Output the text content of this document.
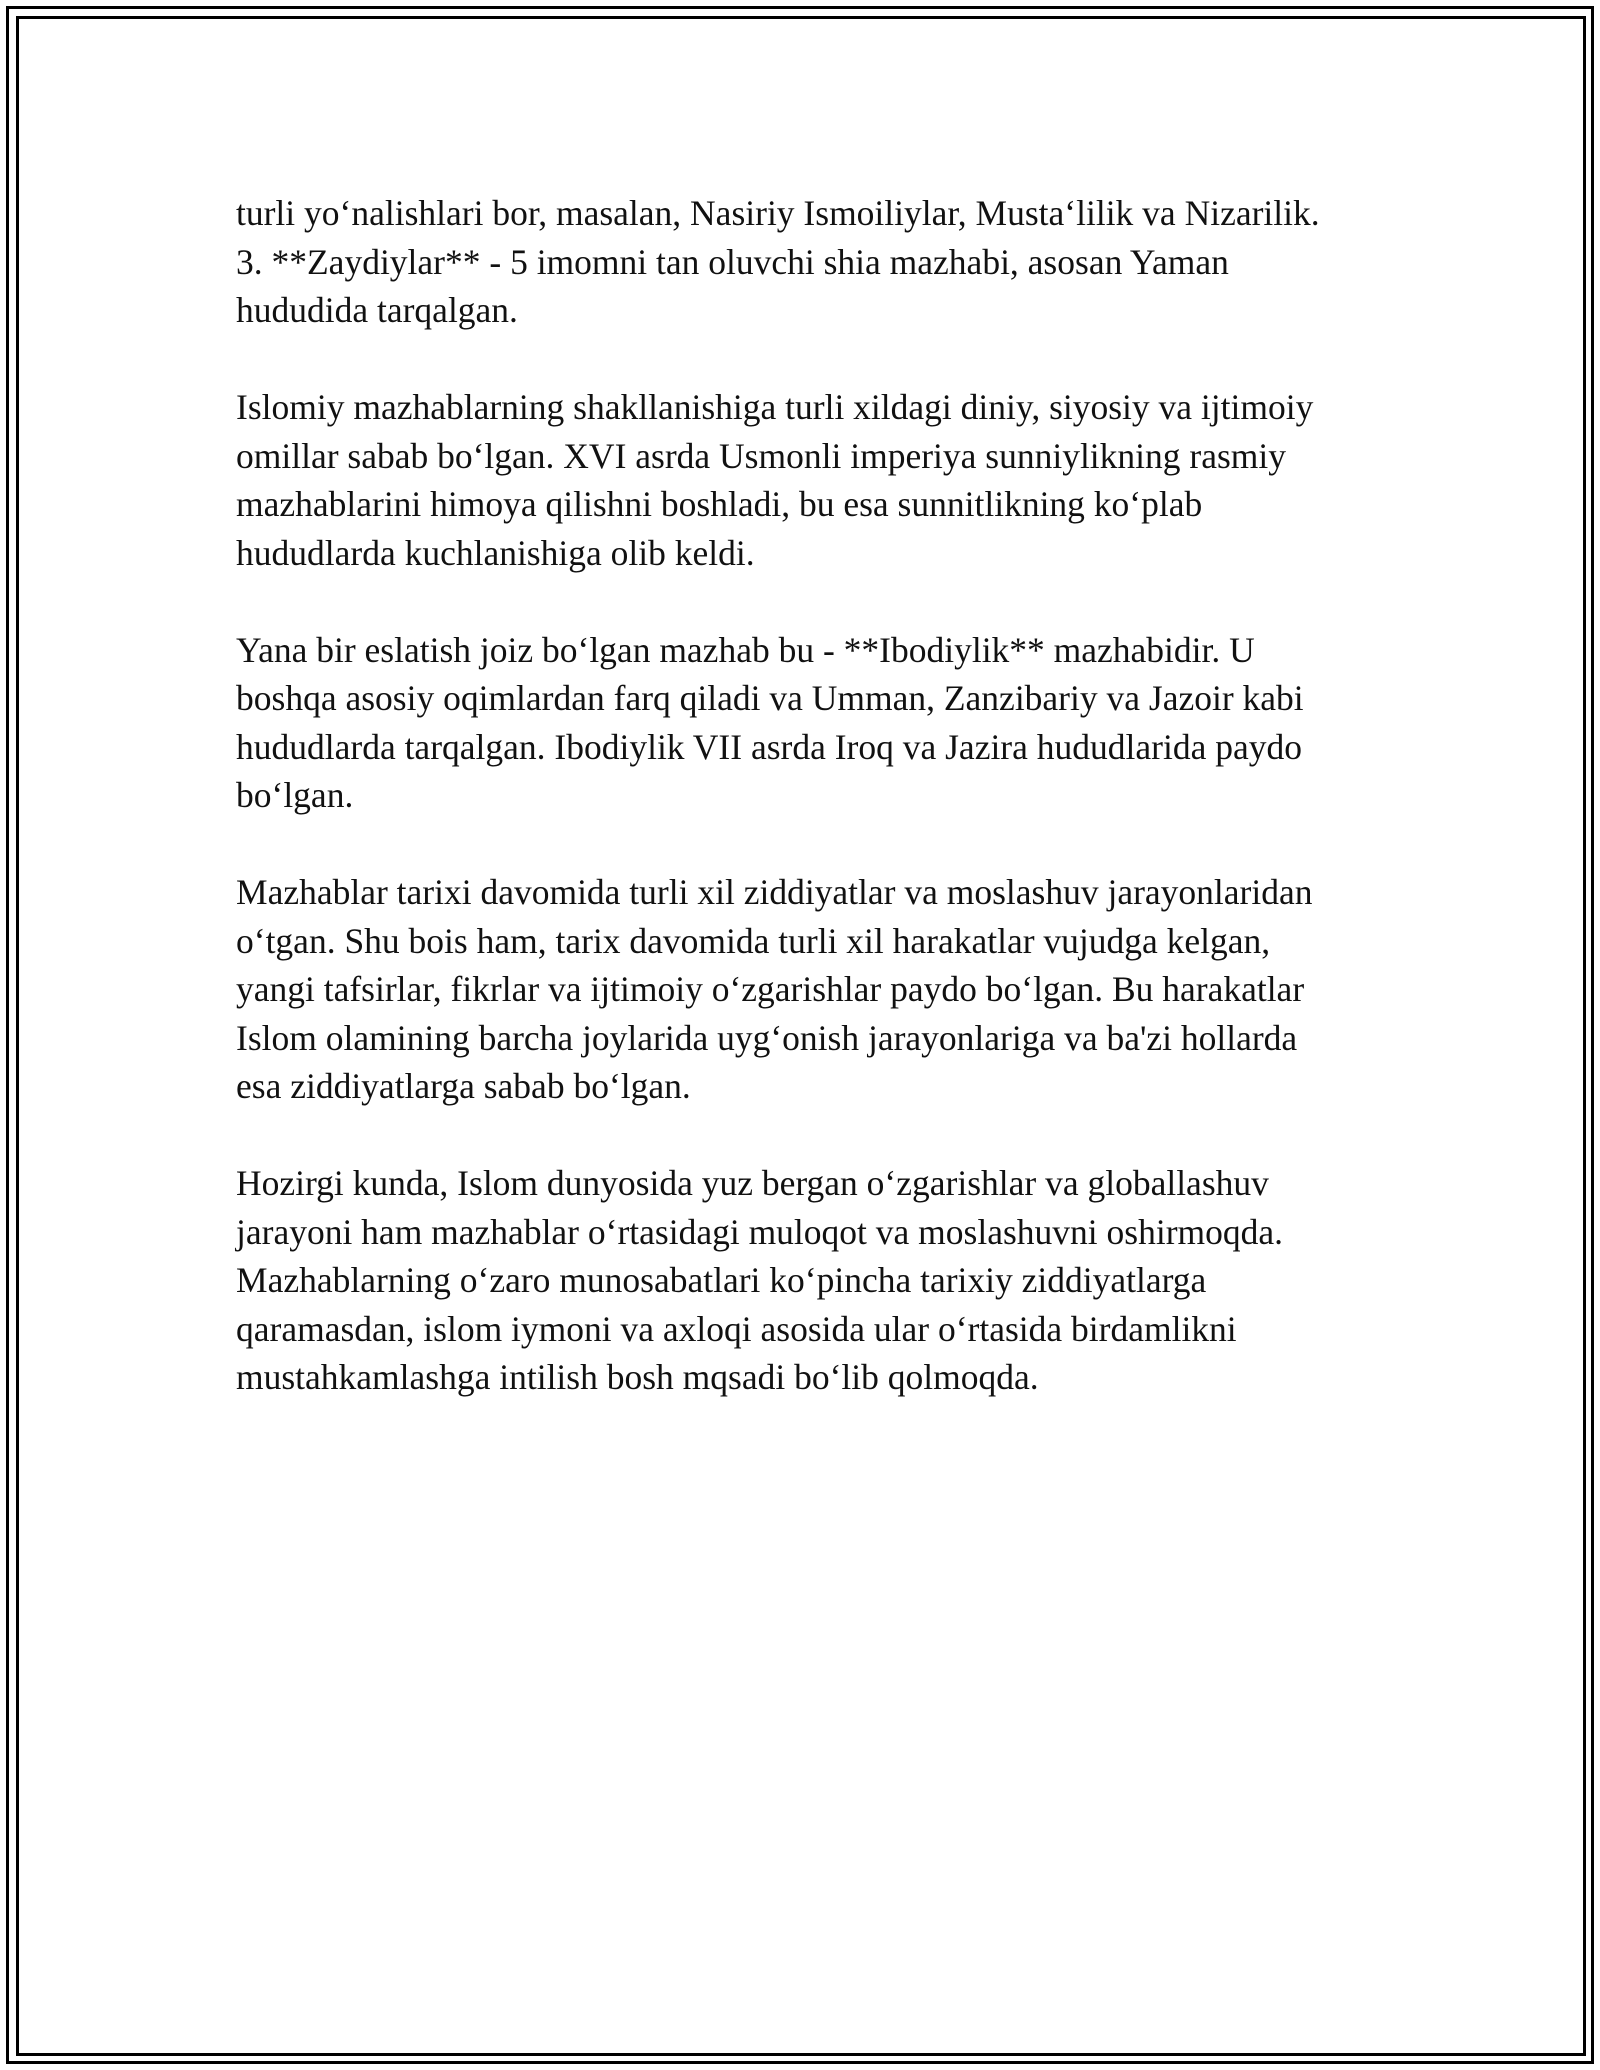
turli yo‘nalishlari bor, masalan, Nasiriy Ismoiliylar, Musta‘lilik va Nizarilik.
3. **Zaydiylar** - 5 imomni tan oluvchi shia mazhabi, asosan Yaman
hududida tarqalgan.
Islomiy mazhablarning shakllanishiga turli xildagi diniy, siyosiy va ijtimoiy
omillar sabab bo‘lgan. XVI asrda Usmonli imperiya sunniylikning rasmiy
mazhablarini himoya qilishni boshladi, bu esa sunnitlikning ko‘plab
hududlarda kuchlanishiga olib keldi.
Yana bir eslatish joiz bo‘lgan mazhab bu - **Ibodiylik** mazhabidir. U
boshqa asosiy oqimlardan farq qiladi va Umman, Zanzibariy va Jazoir kabi
hududlarda tarqalgan. Ibodiylik VII asrda Iroq va Jazira hududlarida paydo
bo‘lgan.
Mazhablar tarixi davomida turli xil ziddiyatlar va moslashuv jarayonlaridan
o‘tgan. Shu bois ham, tarix davomida turli xil harakatlar vujudga kelgan,
yangi tafsirlar, fikrlar va ijtimoiy o‘zgarishlar paydo bo‘lgan. Bu harakatlar
Islom olamining barcha joylarida uyg‘onish jarayonlariga va ba'zi hollarda
esa ziddiyatlarga sabab bo‘lgan.
Hozirgi kunda, Islom dunyosida yuz bergan o‘zgarishlar va globallashuv
jarayoni ham mazhablar o‘rtasidagi muloqot va moslashuvni oshirmoqda.
Mazhablarning o‘zaro munosabatlari ko‘pincha tarixiy ziddiyatlarga
qaramasdan, islom iymoni va axloqi asosida ular o‘rtasida birdamlikni
mustahkamlashga intilish bosh mqsadi bo‘lib qolmoqda.
